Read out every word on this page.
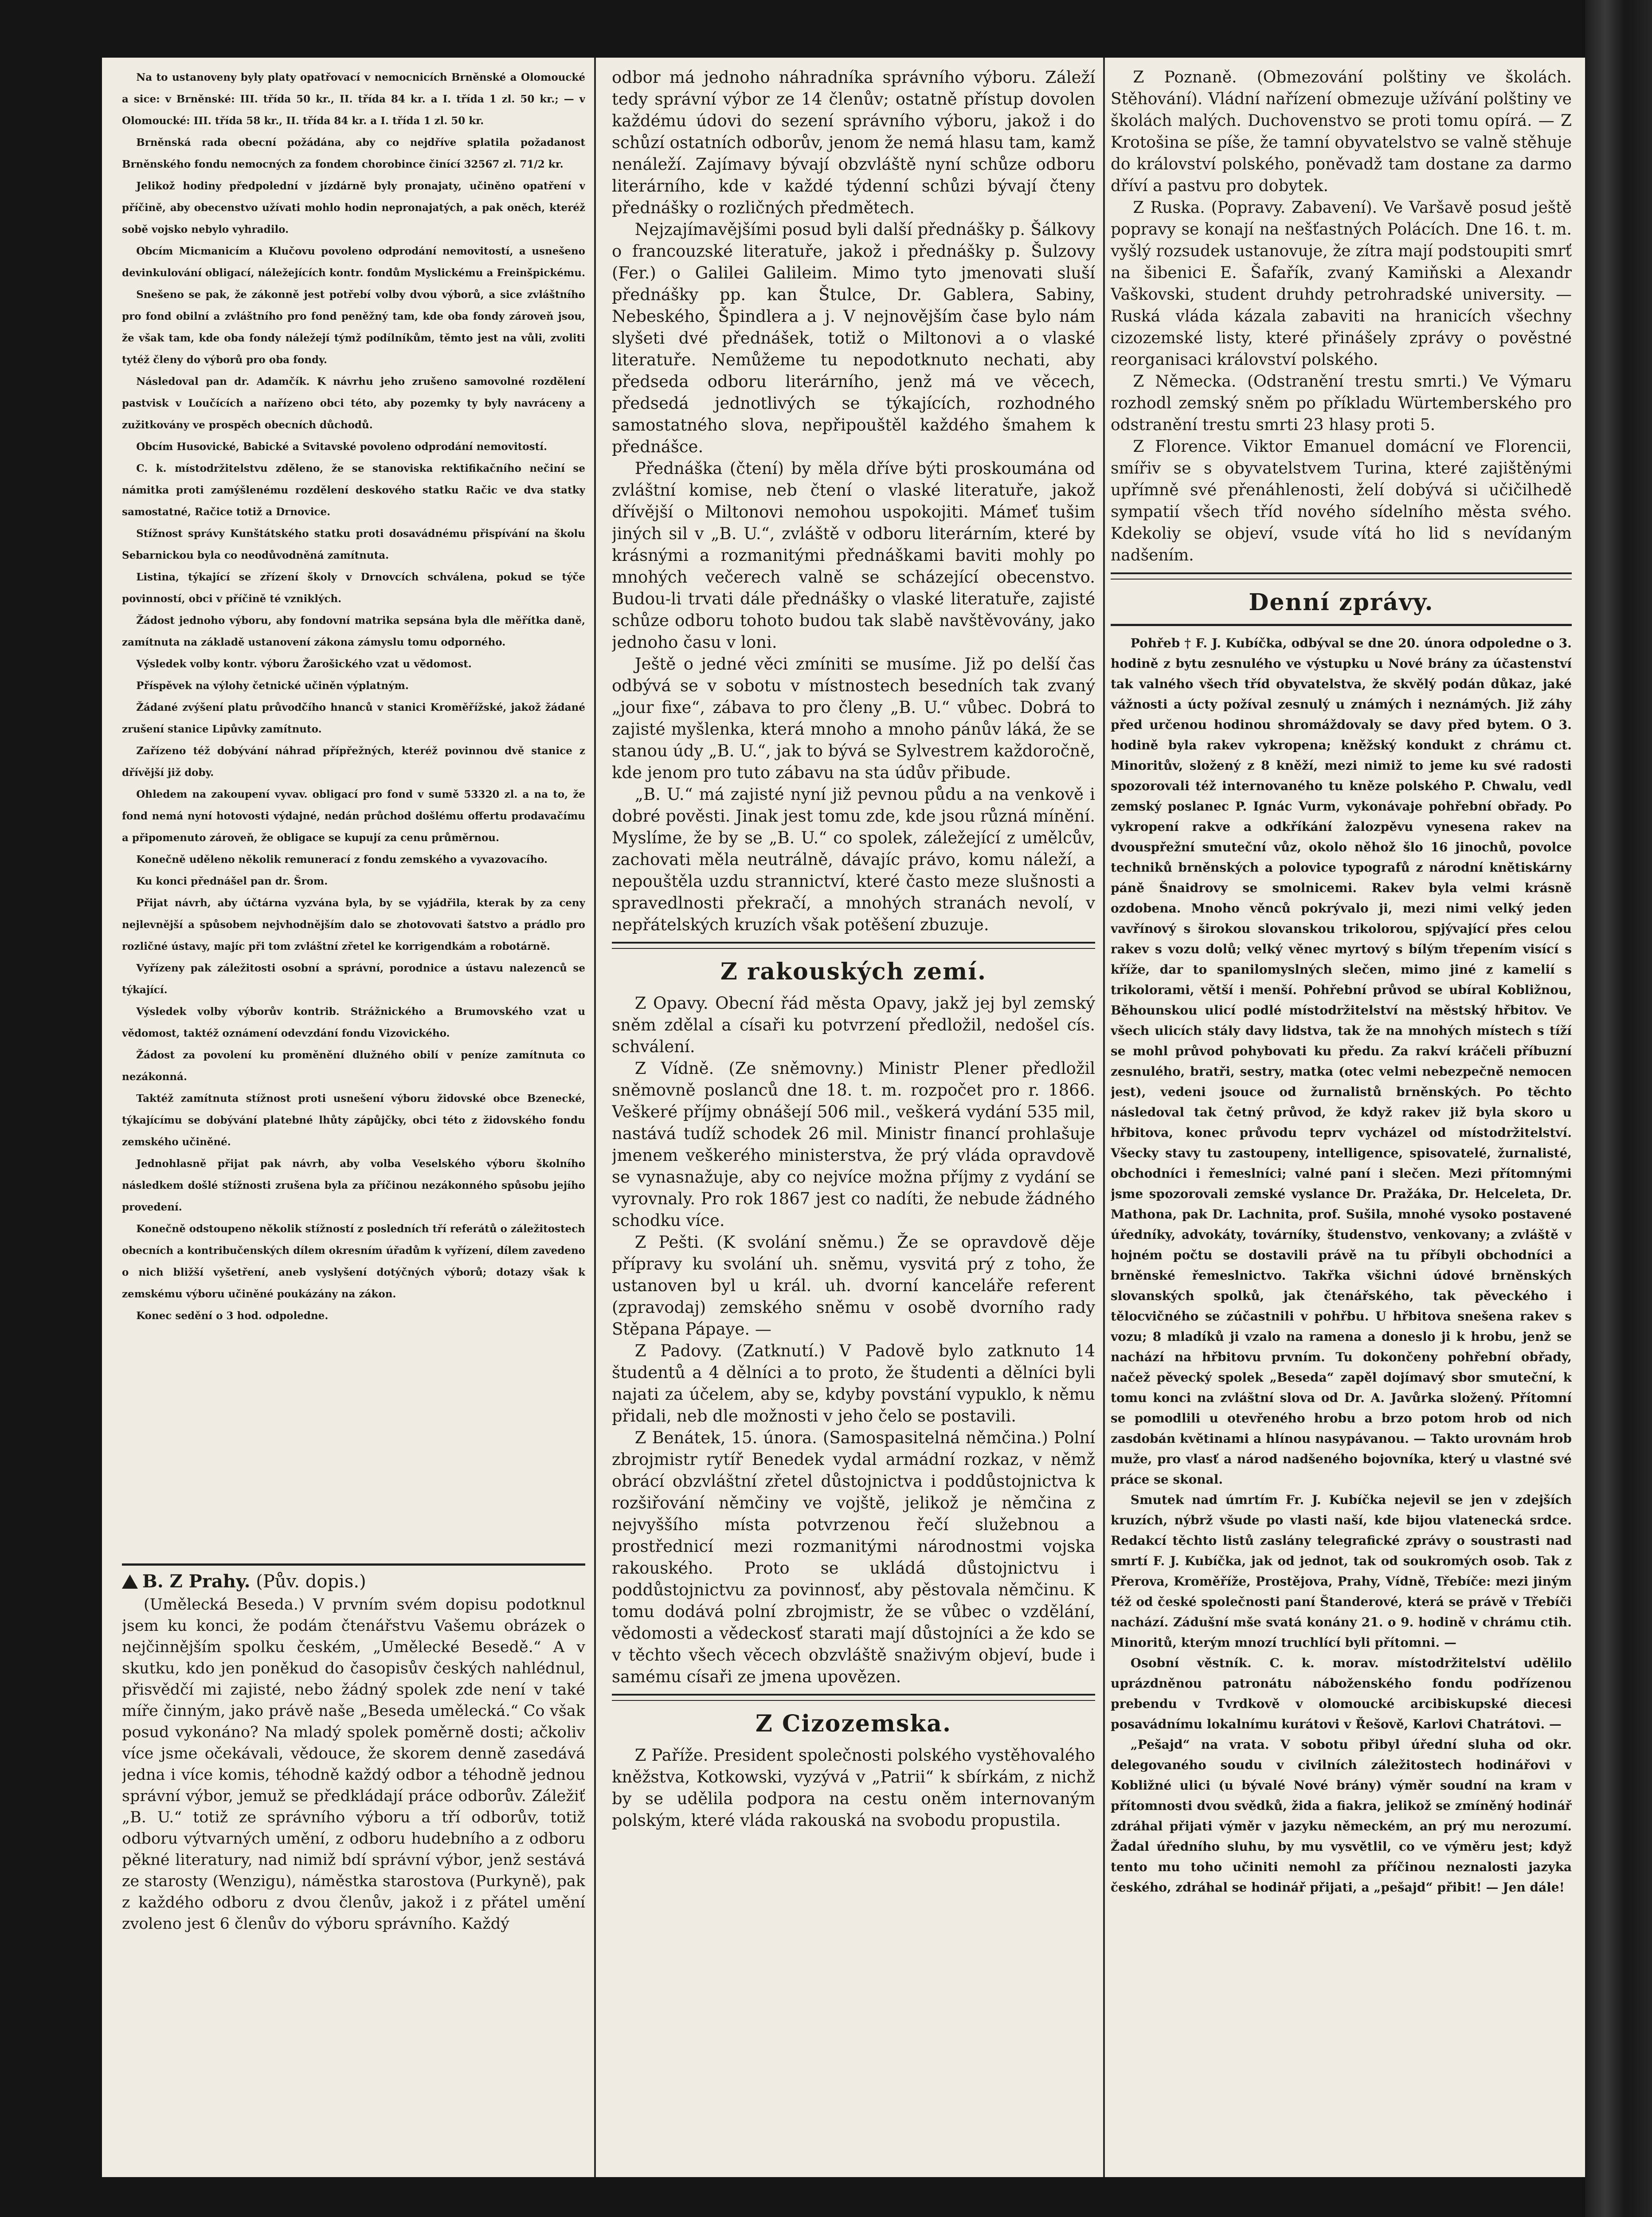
Na to ustanoveny byly platy opatřovací v nemocnicích Brněnské a Olomoucké a sice: v Brněnské: III. třída 50 kr., II. třída 84 kr. a I. třída 1 zl. 50 kr.; — v Olomoucké: III. třída 58 kr., II. třída 84 kr. a I. třída 1 zl. 50 kr.

Brněnská rada obecní požádána, aby co nejdříve splatila požadanost Brněnského fondu nemocných za fondem chorobince činící 32567 zl. 71/2 kr.

Jelikož hodiny předpolední v jízdárně byly pronajaty, učiněno opatření v příčině, aby obecenstvo užívati mohlo hodin nepronajatých, a pak oněch, kteréž sobě vojsko nebylo vyhradilo.

Obcím Micmanicím a Klučovu povoleno odprodání nemovitostí, a usnešeno devinkulování obligací, náležejících kontr. fondům Myslickému a Freinšpickému.

Snešeno se pak, že zákonně jest potřebí volby dvou výborů, a sice zvláštního pro fond obilní a zvláštního pro fond peněžný tam, kde oba fondy zároveň jsou, že však tam, kde oba fondy náležejí týmž podílníkům, těmto jest na vůli, zvoliti tytéž členy do výborů pro oba fondy.

Následoval pan dr. Adamčík. K návrhu jeho zrušeno samovolné rozdělení pastvisk v Loučících a nařízeno obci této, aby pozemky ty byly navráceny a zužitkovány ve prospěch obecních důchodů.

Obcím Husovické, Babické a Svitavské povoleno odprodání nemovitostí.

C. k. místodržitelstvu zděleno, že se stanoviska rektifikačního nečiní se námitka proti zamýšlenému rozdělení deskového statku Račic ve dva statky samostatné, Račice totiž a Drnovice.

Stížnost správy Kunštátského statku proti dosavádnému přispívání na školu Sebarnickou byla co neodůvodněná zamítnuta.

Listina, týkající se zřízení školy v Drnovcích schválena, pokud se týče povinností, obci v příčině té vzniklých.

Žádost jednoho výboru, aby fondovní matrika sepsána byla dle měřítka daně, zamítnuta na základě ustanovení zákona zámyslu tomu odporného.

Výsledek volby kontr. výboru Žarošického vzat u vědomost.

Příspěvek na výlohy četnické učiněn výplatným.

Žádané zvýšení platu průvodčího hnanců v stanici Kroměřížské, jakož žádané zrušení stanice Lipůvky zamítnuto.

Zařízeno též dobývání náhrad přípřežných, kteréž povinnou dvě stanice z dřívější již doby.

Ohledem na zakoupení vyvav. obligací pro fond v sumě 53320 zl. a na to, že fond nemá nyní hotovosti výdajné, nedán průchod došlému offertu prodavačímu a připomenuto zároveň, že obligace se kupují za cenu průměrnou.

Konečně uděleno několik remunerací z fondu zemského a vyvazovacího.

Ku konci přednášel pan dr. Šrom.

Přijat návrh, aby účtárna vyzvána byla, by se vyjádřila, kterak by za ceny nejlevnější a spůsobem nejvhodnějším dalo se zhotovovati šatstvo a prádlo pro rozličné ústavy, majíc při tom zvláštní zřetel ke korrigendkám a robotárně.

Vyřízeny pak záležitosti osobní a správní, porodnice a ústavu nalezenců se týkající.

Výsledek volby výborův kontrib. Strážnického a Brumovského vzat u vědomost, taktéž oznámení odevzdání fondu Vizovického.

Žádost za povolení ku proměnění dlužného obilí v peníze zamítnuta co nezákonná.

Taktéž zamítnuta stížnost proti usnešení výboru židovské obce Bzenecké, týkajícímu se dobývání platebné lhůty zápůjčky, obci této z židovského fondu zemského učiněné.

Jednohlasně přijat pak návrh, aby volba Veselského výboru školního následkem došlé stížnosti zrušena byla za příčinou nezákonného spůsobu jejího provedení.

Konečně odstoupeno několik stížností z posledních tří referátů o záležitostech obecních a kontribučenských dílem okresním úřadům k vyřízení, dílem zavedeno o nich bližší vyšetření, aneb vyslyšení dotýčných výborů; dotazy však k zemskému výboru učiněné poukázány na zákon.

Konec sedění o 3 hod. odpoledne.

B. Z Prahy.
(Pův. dopis.)

(Umělecká Beseda.) V prvním svém dopisu podotknul jsem ku konci, že podám čtenářstvu Vašemu obrázek o nejčinnějším spolku českém, „Umělecké Besedě.“ A v skutku, kdo jen poněkud do časopisův českých nahlédnul, přisvědčí mi zajisté, nebo žádný spolek zde není v také míře činným, jako právě naše „Beseda umělecká.“ Co však posud vykonáno? Na mladý spolek poměrně dosti; ačkoliv více jsme očekávali, vědouce, že skorem denně zasedává jedna i více komis, téhodně každý odbor a téhodně jednou správní výbor, jemuž se předkládají práce odborův. Záležiť „B. U.“ totiž ze správního výboru a tří odborův, totiž odboru výtvarných umění, z odboru hudebního a z odboru pěkné literatury, nad nimiž bdí správní výbor, jenž sestává ze starosty (Wenzigu), náměstka starostova (Purkyně), pak z každého odboru z dvou členův, jakož i z přátel umění zvoleno jest 6 členův do výboru správního. Každý

odbor má jednoho náhradníka správního výboru. Záleží tedy správní výbor ze 14 členův; ostatně přístup dovolen každému údovi do sezení správního výboru, jakož i do schůzí ostatních odborův, jenom že nemá hlasu tam, kamž nenáleží. Zajímavy bývají obzvláště nyní schůze odboru literárního, kde v každé týdenní schůzi bývají čteny přednášky o rozličných předmětech.

Nejzajímavějšími posud byli další přednášky p. Šálkovy o francouzské literatuře, jakož i přednášky p. Šulzovy (Fer.) o Galilei Galileim. Mimo tyto jmenovati sluší přednášky pp. kan Štulce, Dr. Gablera, Sabiny, Nebeského, Špindlera a j. V nejnovějším čase bylo nám slyšeti dvé přednášek, totiž o Miltonovi a o vlaské literatuře. Nemůžeme tu nepodotknuto nechati, aby předseda odboru literárního, jenž má ve věcech, předsedá jednotlivých se týkajících, rozhodného samostatného slova, nepřipouštěl každého šmahem k přednášce.

Přednáška (čtení) by měla dříve býti proskoumána od zvláštní komise, neb čtení o vlaské literatuře, jakož dřívější o Miltonovi nemohou uspokojiti. Mámeť tušim jiných sil v „B. U.“, zvláště v odboru literárním, které by krásnými a rozmanitými přednáškami baviti mohly po mnohých večerech valně se scházející obecenstvo. Budou-li trvati dále přednášky o vlaské literatuře, zajisté schůze odboru tohoto budou tak slabě navštěvovány, jako jednoho času v loni.

Ještě o jedné věci zmíniti se musíme. Již po delší čas odbývá se v sobotu v místnostech besedních tak zvaný „jour fixe“, zábava to pro členy „B. U.“ vůbec. Dobrá to zajisté myšlenka, která mnoho a mnoho pánův láká, že se stanou údy „B. U.“, jak to bývá se Sylvestrem každoročně, kde jenom pro tuto zábavu na sta údův přibude.

„B. U.“ má zajisté nyní již pevnou půdu a na venkově i dobré pověsti. Jinak jest tomu zde, kde jsou různá mínění. Myslíme, že by se „B. U.“ co spolek, záležející z umělcův, zachovati měla neutrálně, dávajíc právo, komu náleží, a nepouštěla uzdu strannictví, které často meze slušnosti a spravedlnosti překračí, a mnohých stranách nevolí, v nepřátelských kruzích však potěšení zbuzuje.

Z rakouských zemí.

Z Opavy. Obecní řád města Opavy, jakž jej byl zemský sněm zdělal a císaři ku potvrzení předložil, nedošel cís. schválení.

Z Vídně. (Ze sněmovny.) Ministr Plener předložil sněmovně poslanců dne 18. t. m. rozpočet pro r. 1866. Veškeré příjmy obnášejí 506 mil., veškerá vydání 535 mil, nastává tudíž schodek 26 mil. Ministr financí prohlašuje jmenem veškerého ministerstva, že prý vláda opravdově se vynasnažuje, aby co nejvíce možna příjmy z vydání se vyrovnaly. Pro rok 1867 jest co nadíti, že nebude žádného schodku více.

Z Pešti. (K svolání sněmu.) Že se opravdově děje přípravy ku svolání uh. sněmu, vysvitá prý z toho, že ustanoven byl u král. uh. dvorní kanceláře referent (zpravodaj) zemského sněmu v osobě dvorního rady Stěpana Pápaye. —

Z Padovy. (Zatknutí.) V Padově bylo zatknuto 14 študentů a 4 dělníci a to proto, že študenti a dělníci byli najati za účelem, aby se, kdyby povstání vypuklo, k němu přidali, neb dle možnosti v jeho čelo se postavili.

Z Benátek, 15. února. (Samospasitelná němčina.) Polní zbrojmistr rytíř Benedek vydal armádní rozkaz, v němž obrácí obzvláštní zřetel důstojnictva i poddůstojnictva k rozšiřování němčiny ve vojště, jelikož je němčina z nejvyššího místa potvrzenou řečí služebnou a prostřednicí mezi rozmanitými národnostmi vojska rakouského. Proto se ukládá důstojnictvu i poddůstojnictvu za povinnosť, aby pěstovala němčinu. K tomu dodává polní zbrojmistr, že se vůbec o vzdělání, vědomosti a vědeckosť starati mají důstojníci a že kdo se v těchto všech věcech obzvláště snaživým objeví, bude i samému císaři ze jmena upovězen.

Z Cizozemska.

Z Paříže. President společnosti polského vystěhovalého kněžstva, Kotkowski, vyzývá v „Patrii“ k sbírkám, z nichž by se udělila podpora na cestu oněm internovaným polským, které vláda rakouská na svobodu propustila.

Z Poznaně. (Obmezování polštiny ve školách. Stěhování). Vládní nařízení obmezuje užívání polštiny ve školách malých. Duchovenstvo se proti tomu opírá. — Z Krotošina se píše, že tamní obyvatelstvo se valně stěhuje do království polského, poněvadž tam dostane za darmo dříví a pastvu pro dobytek.

Z Ruska. (Popravy. Zabavení). Ve Varšavě posud ještě popravy se konají na nešťastných Polácích. Dne 16. t. m. vyšlý rozsudek ustanovuje, že zítra mají podstoupiti smrť na šibenici E. Šafařík, zvaný Kamiňski a Alexandr Vaškovski, student druhdy petrohradské university. — Ruská vláda kázala zabaviti na hranicích všechny cizozemské listy, které přinášely zprávy o pověstné reorganisaci království polského.

Z Německa. (Odstranění trestu smrti.) Ve Výmaru rozhodl zemský sněm po příkladu Würtemberského pro odstranění trestu smrti 23 hlasy proti 5.

Z Florence. Viktor Emanuel domácní ve Florencii, smířiv se s obyvatelstvem Turina, které zajištěnými upřímně své přenáhlenosti, želí dobývá si učičilhedě sympatií všech tříd nového sídelního města svého. Kdekoliy se objeví, vsude vítá ho lid s nevídaným nadšením.

Denní zprávy.

Pohřeb † F. J. Kubíčka, odbýval se dne 20. února odpoledne o 3. hodině z bytu zesnulého ve výstupku u Nové brány za účastenství tak valného všech tříd obyvatelstva, že skvělý podán důkaz, jaké vážnosti a úcty požíval zesnulý u známých i neznámých. Již záhy před určenou hodinou shromáždovaly se davy před bytem. O 3. hodině byla rakev vykropena; kněžský kondukt z chrámu ct. Minoritův, složený z 8 kněží, mezi nimiž to jeme ku své radosti spozorovali též internovaného tu kněze polského P. Chwalu, vedl zemský poslanec P. Ignác Vurm, vykonávaje pohřební obřady. Po vykropení rakve a odkříkání žalozpěvu vynesena rakev na dvouspřežní smuteční vůz, okolo něhož šlo 16 jinochů, povolce techniků brněnských a polovice typografů z národní knětiskárny páně Šnaidrovy se smolnicemi. Rakev byla velmi krásně ozdobena. Mnoho věnců pokrývalo ji, mezi nimi velký jeden vavřínový s širokou slovanskou trikolorou, spjývající přes celou rakev s vozu dolů; velký věnec myrtový s bílým třepením visící s kříže, dar to spanilomyslných slečen, mimo jiné z kamelií s trikolorami, větší i menší. Pohřební průvod se ubíral Kobližnou, Běhounskou ulicí podlé místodržitelství na městský hřbitov. Ve všech ulicích stály davy lidstva, tak že na mnohých místech s tíží se mohl průvod pohybovati ku předu. Za rakví kráčeli příbuzní zesnulého, bratři, sestry, matka (otec velmi nebezpečně nemocen jest), vedeni jsouce od žurnalistů brněnských. Po těchto následoval tak četný průvod, že když rakev již byla skoro u hřbitova, konec průvodu teprv vycházel od místodržitelství. Všecky stavy tu zastoupeny, intelligence, spisovatelé, žurnalisté, obchodníci i řemeslníci; valné paní i slečen. Mezi přítomnými jsme spozorovali zemské vyslance Dr. Pražáka, Dr. Helceleta, Dr. Mathona, pak Dr. Lachnita, prof. Sušila, mnohé vysoko postavené úředníky, advokáty, továrníky, študenstvo, venkovany; a zvláště v hojném počtu se dostavili právě na tu příbyli obchodníci a brněnské řemeslnictvo. Takřka všichni údové brněnských slovanských spolků, jak čtenářského, tak pěveckého i tělocvičného se zúčastnili v pohřbu. U hřbitova snešena rakev s vozu; 8 mladíků ji vzalo na ramena a doneslo ji k hrobu, jenž se nachází na hřbitovu prvním. Tu dokončeny pohřební obřady, načež pěvecký spolek „Beseda“ zapěl dojímavý sbor smuteční, k tomu konci na zvláštní slova od Dr. A. Javůrka složený. Přítomní se pomodlili u otevřeného hrobu a brzo potom hrob od nich zasdobán květinami a hlínou nasypávanou. — Takto urovnám hrob muže, pro vlasť a národ nadšeného bojovníka, který u vlastné své práce se skonal.

Smutek nad úmrtím Fr. J. Kubíčka nejevil se jen v zdejších kruzích, nýbrž všude po vlasti naší, kde bijou vlatenecká srdce. Redakcí těchto listů zaslány telegrafické zprávy o soustrasti nad smrtí F. J. Kubíčka, jak od jednot, tak od soukromých osob. Tak z Přerova, Kroměříže, Prostějova, Prahy, Vídně, Třebíče: mezi jiným též od české společnosti paní Štanderové, která se právě v Třebíči nachází. Zádušní mše svatá konány 21. o 9. hodině v chrámu ctih. Minoritů, kterým mnozí truchlící byli přítomni. —

Osobní věstník. C. k. morav. místodržitelství udělilo uprázdněnou patronátu náboženského fondu podřízenou prebendu v Tvrdkově v olomoucké arcibiskupské diecesi posavádnímu lokalnímu kurátovi v Řešově, Karlovi Chatrátovi. —

„Pešajd“ na vrata. V sobotu přibyl úřední sluha od okr. delegovaného soudu v civilních záležitostech hodinářovi v Kobližné ulici (u bývalé Nové brány) výměr soudní na kram v přítomnosti dvou svědků, žida a fiakra, jelikož se zmíněný hodinář zdráhal přijati výměr v jazyku německém, an prý mu nerozumí. Žadal úředního sluhu, by mu vysvětlil, co ve výměru jest; když tento mu toho učiniti nemohl za příčinou neznalosti jazyka českého, zdráhal se hodinář přijati, a „pešajd“ přibit! — Jen dále!
